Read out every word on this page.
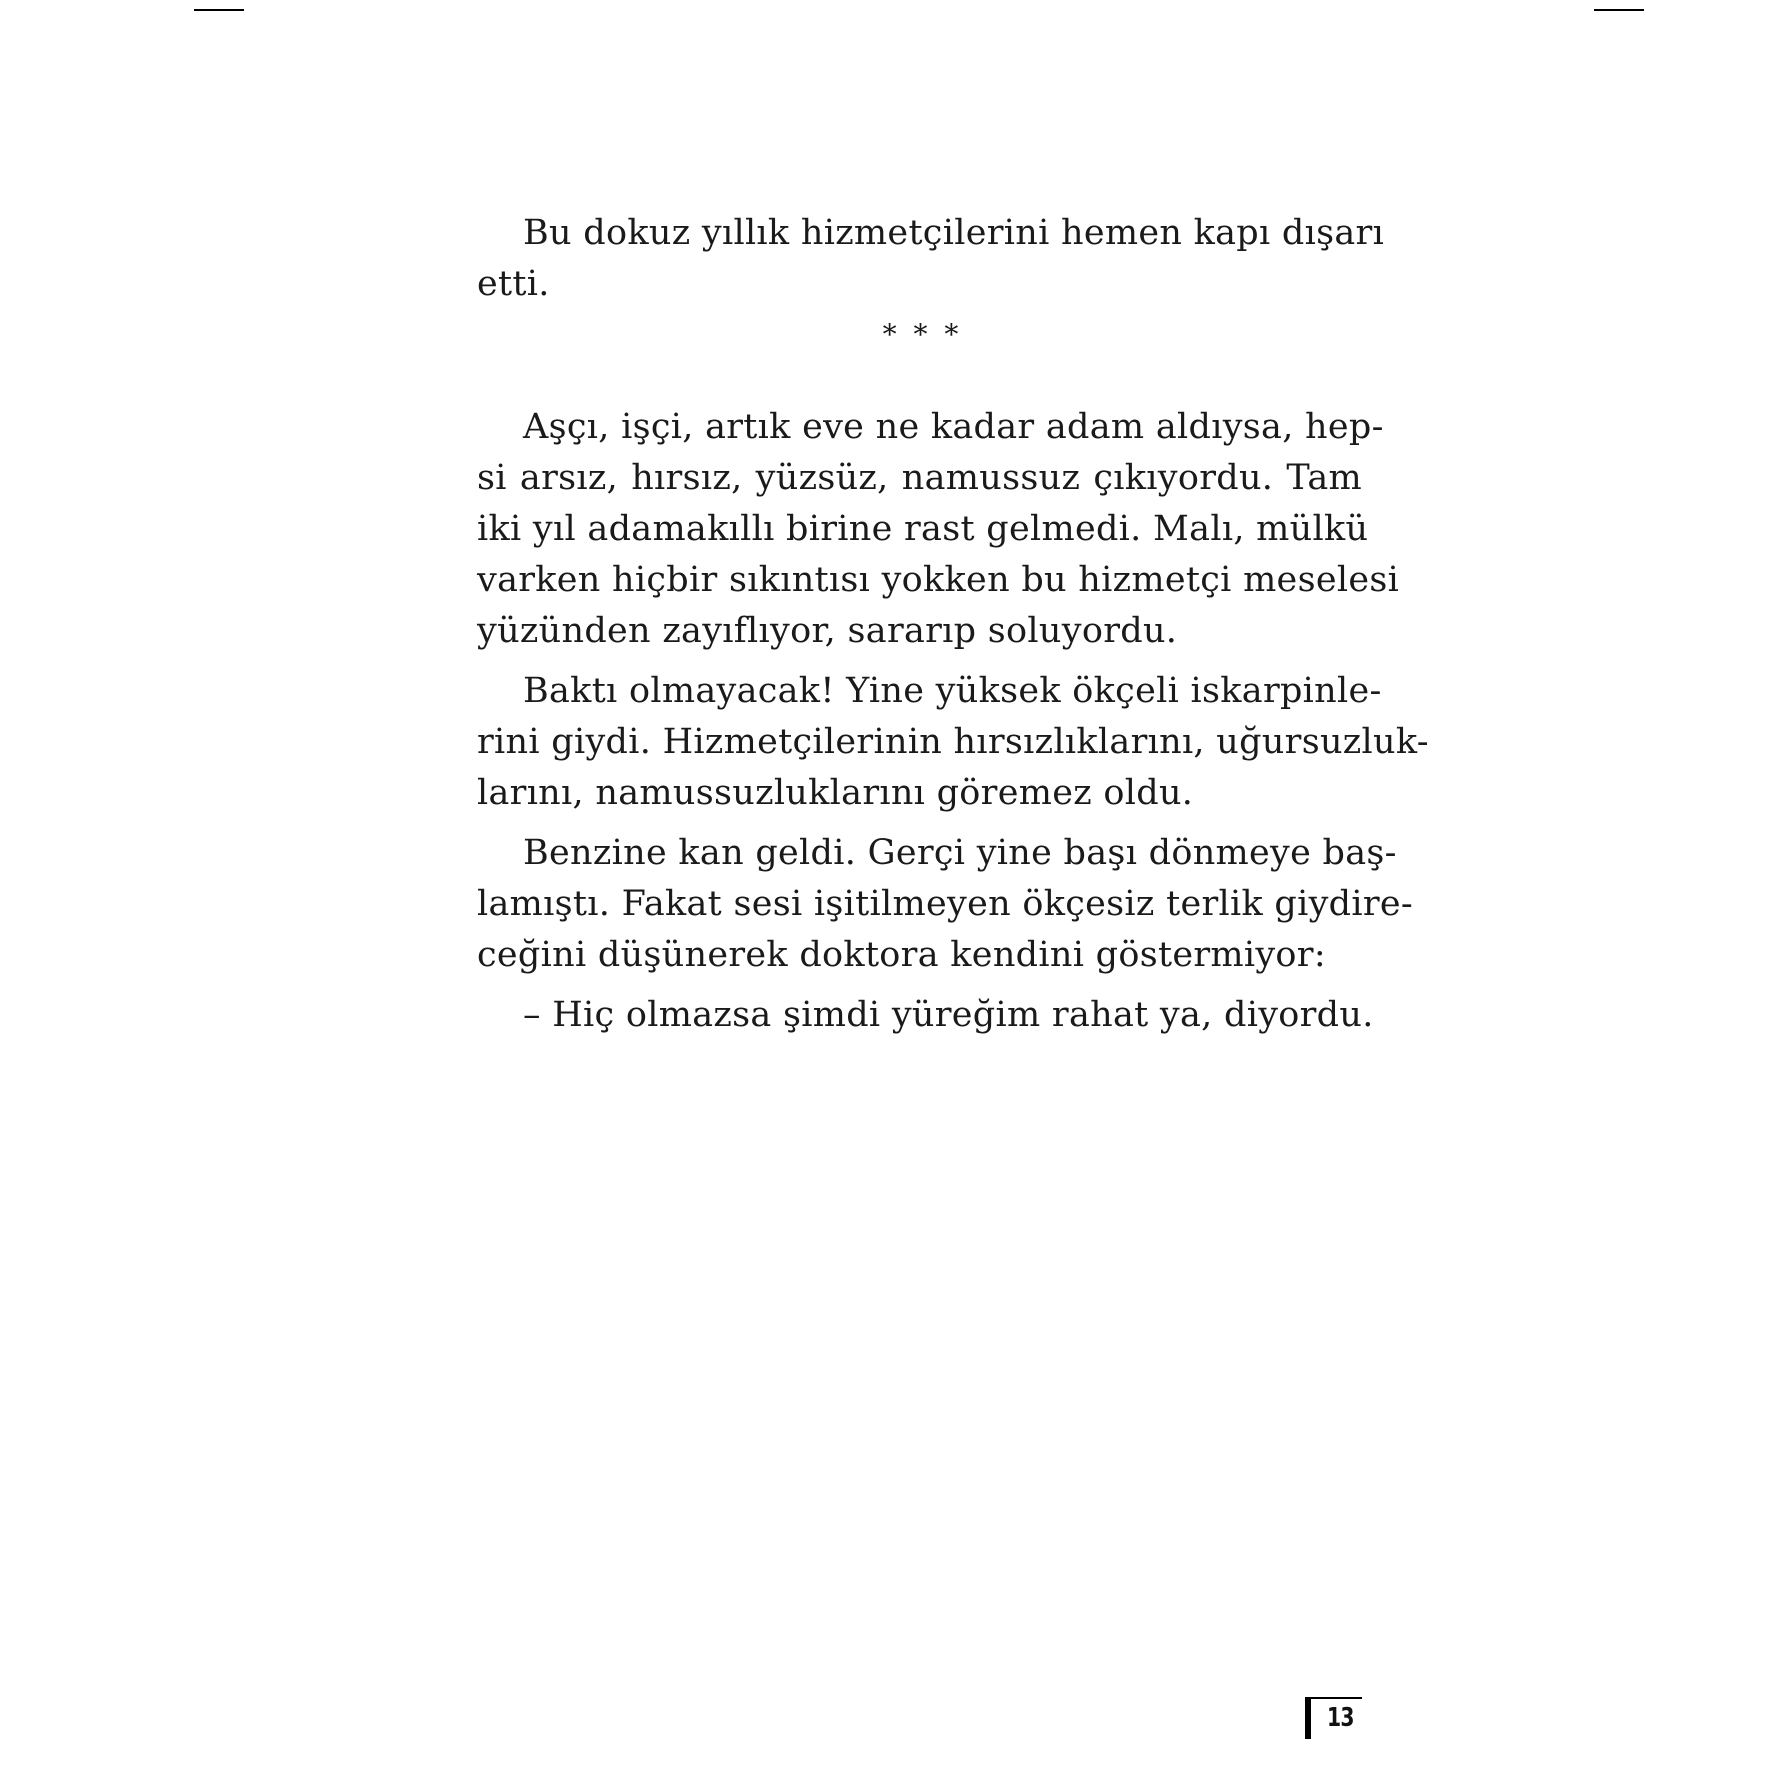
Bu dokuz yıllık hizmetçilerini hemen kapı dışarı
etti.
* * *
Aşçı, işçi, artık eve ne kadar adam aldıysa, hep-
si arsız, hırsız, yüzsüz, namussuz çıkıyordu. Tam
iki yıl adamakıllı birine rast gelmedi. Malı, mülkü
varken hiçbir sıkıntısı yokken bu hizmetçi meselesi
yüzünden zayıflıyor, sararıp soluyordu.
Baktı olmayacak! Yine yüksek ökçeli iskarpinle-
rini giydi. Hizmetçilerinin hırsızlıklarını, uğursuzluk-
larını, namussuzluklarını göremez oldu.
Benzine kan geldi. Gerçi yine başı dönmeye baş-
lamıştı. Fakat sesi işitilmeyen ökçesiz terlik giydire-
ceğini düşünerek doktora kendini göstermiyor:
– Hiç olmazsa şimdi yüreğim rahat ya, diyordu.
13
